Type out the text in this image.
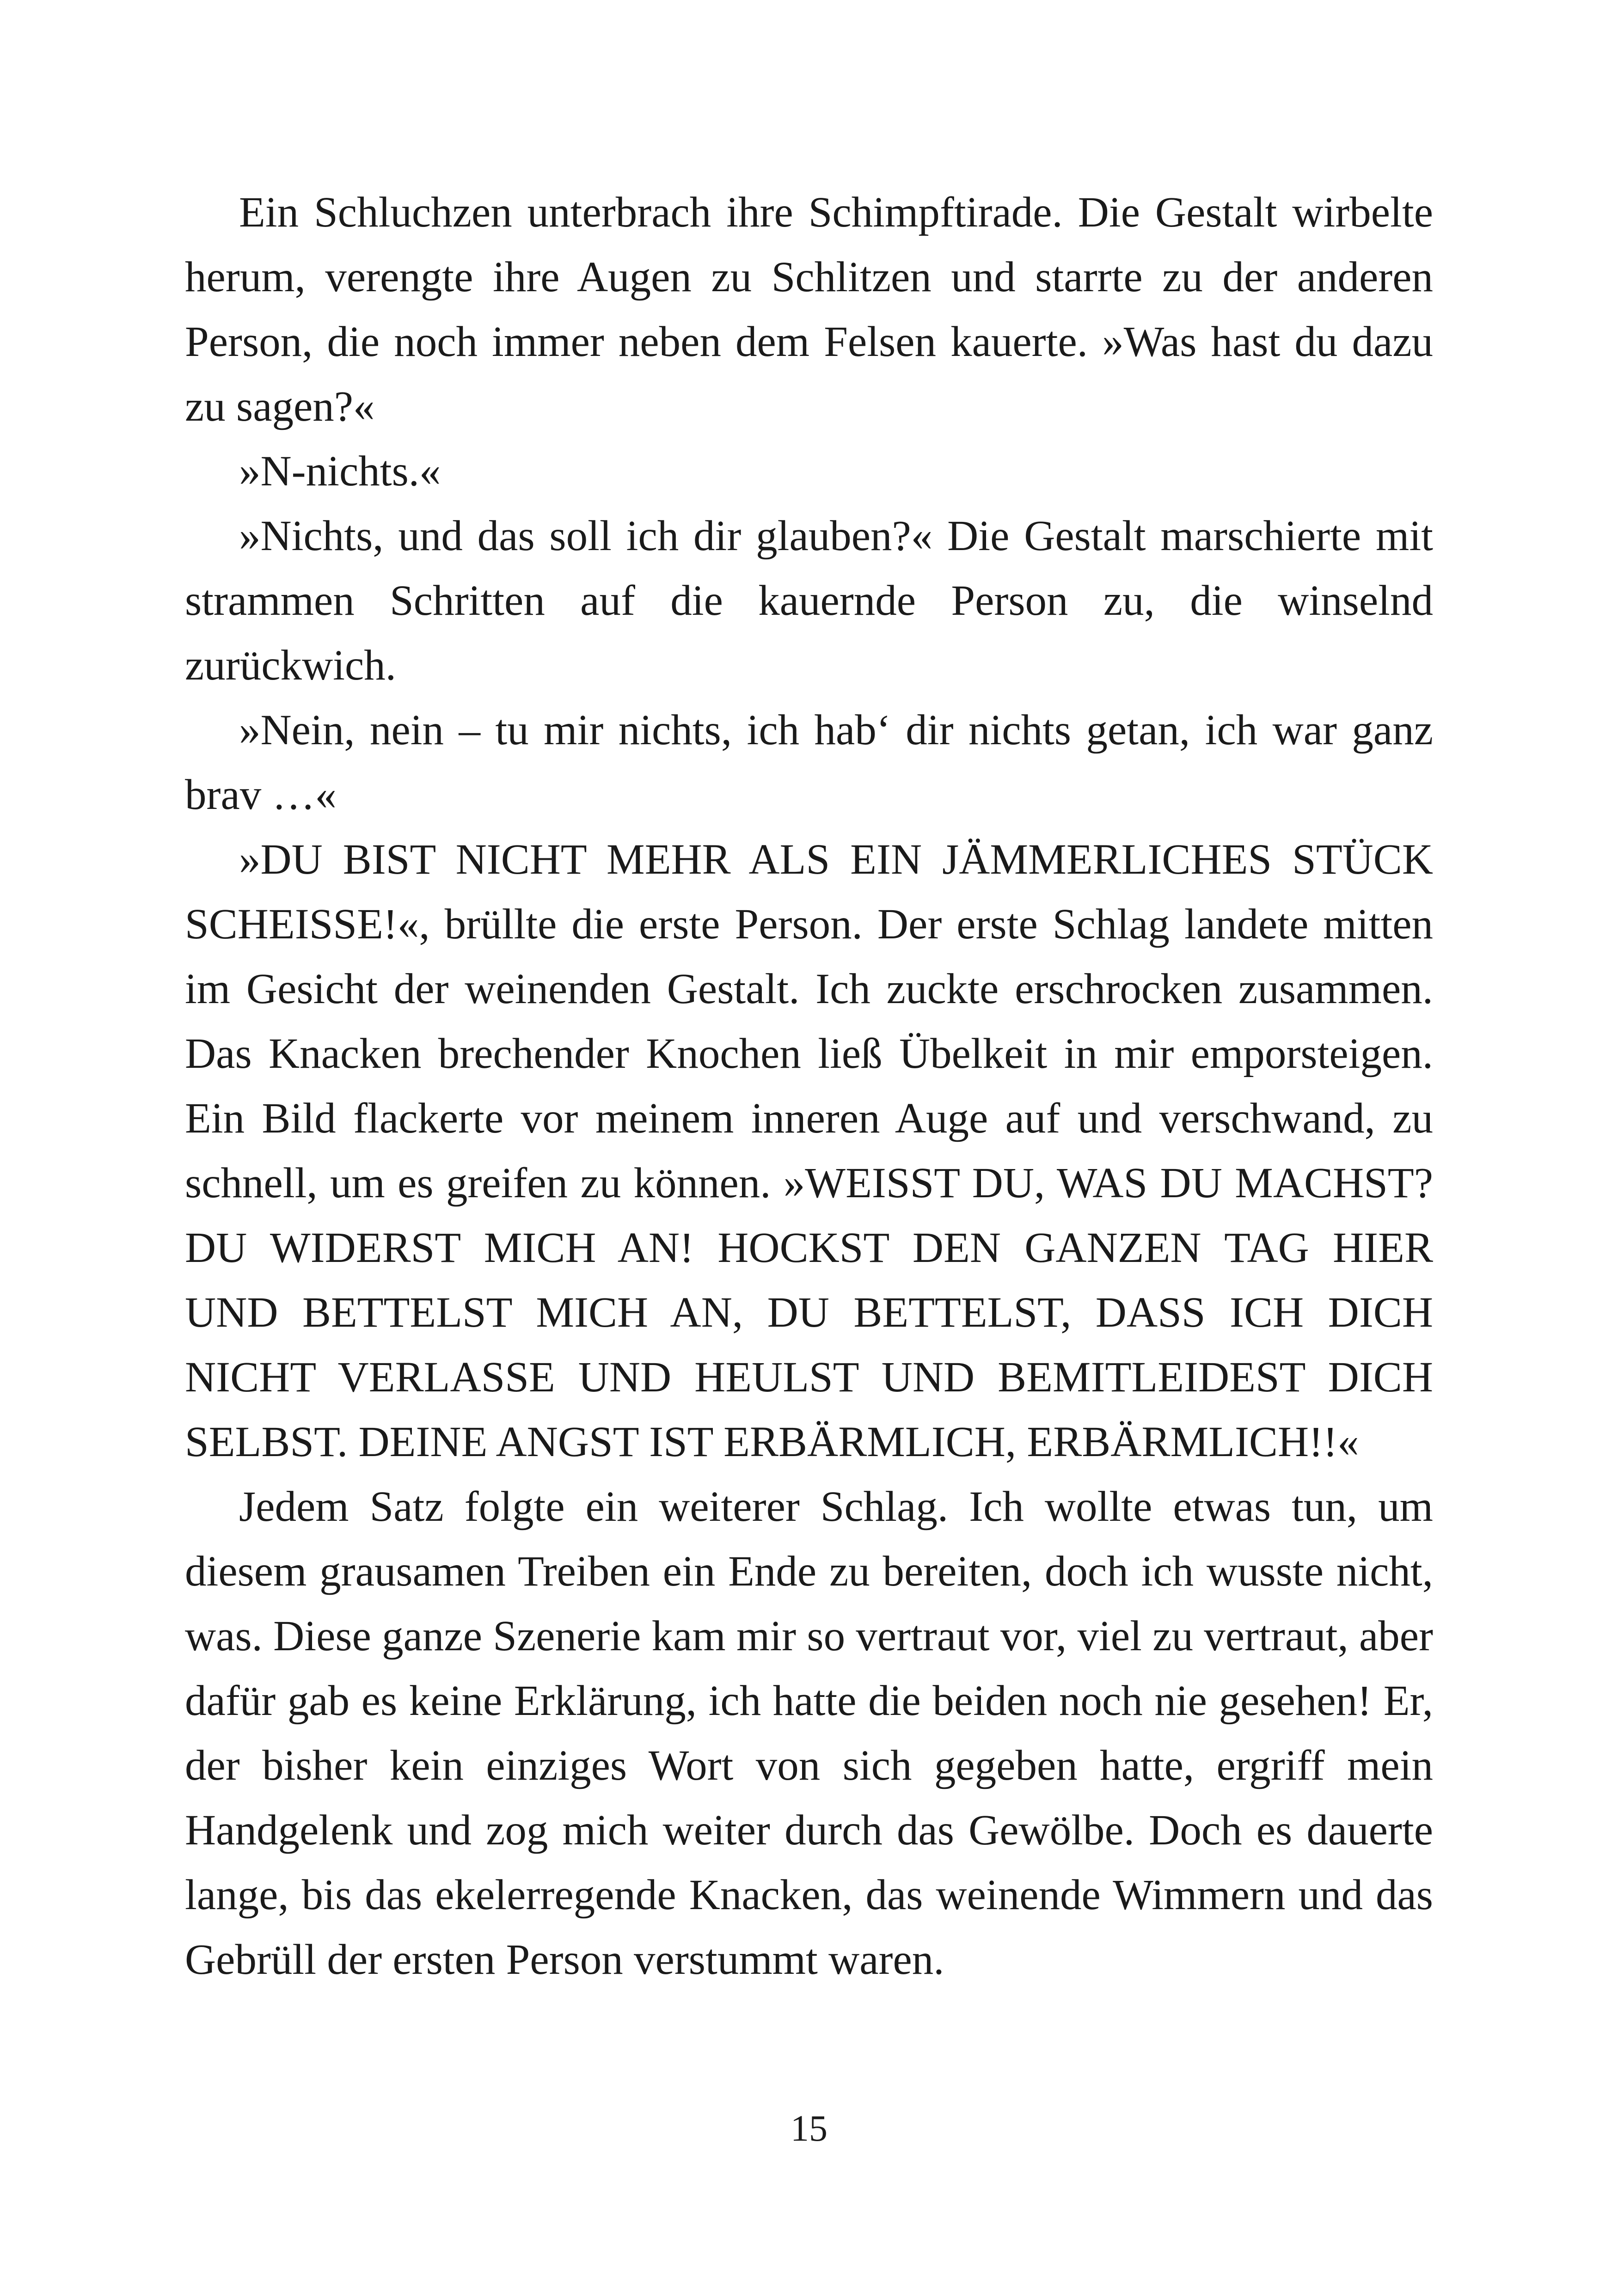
Ein Schluchzen unterbrach ihre Schimpftirade. Die Gestalt wirbelte herum, verengte ihre Augen zu Schlitzen und starrte zu der anderen Person, die noch immer neben dem Felsen kauerte. »Was hast du dazu zu sagen?«

»N-nichts.«

»Nichts, und das soll ich dir glauben?« Die Gestalt marschierte mit strammen Schritten auf die kauernde Person zu, die winselnd zurückwich.

»Nein, nein – tu mir nichts, ich hab‘ dir nichts getan, ich war ganz brav …«

»DU BIST NICHT MEHR ALS EIN JÄMMERLICHES STÜCK SCHEISSE!«, brüllte die erste Person. Der erste Schlag landete mitten im Gesicht der weinenden Gestalt. Ich zuckte erschrocken zusammen. Das Knacken brechender Knochen ließ Übelkeit in mir emporsteigen. Ein Bild flackerte vor meinem inneren Auge auf und verschwand, zu schnell, um es greifen zu können. »WEISST DU, WAS DU MACHST? DU WIDERST MICH AN! HOCKST DEN GANZEN TAG HIER UND BETTELST MICH AN, DU BETTELST, DASS ICH DICH NICHT VERLASSE UND HEULST UND BEMITLEIDEST DICH SELBST. DEINE ANGST IST ERBÄRMLICH, ERBÄRMLICH!!«

Jedem Satz folgte ein weiterer Schlag. Ich wollte etwas tun, um diesem grausamen Treiben ein Ende zu bereiten, doch ich wusste nicht, was. Diese ganze Szenerie kam mir so vertraut vor, viel zu vertraut, aber dafür gab es keine Erklärung, ich hatte die beiden noch nie gesehen! Er, der bisher kein einziges Wort von sich gegeben hatte, ergriff mein Handgelenk und zog mich weiter durch das Gewölbe. Doch es dauerte lange, bis das ekelerregende Knacken, das weinende Wimmern und das Gebrüll der ersten Person verstummt waren.

15
